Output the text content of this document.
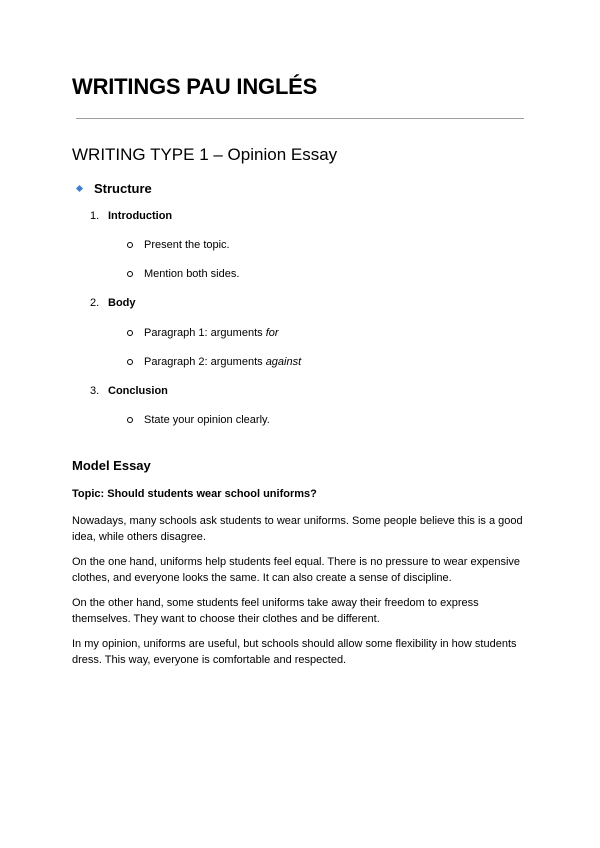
WRITINGS PAU INGLÉS
WRITING TYPE 1 – Opinion Essay
Structure
1. Introduction
Present the topic.
Mention both sides.
2. Body
Paragraph 1: arguments for
Paragraph 2: arguments against
3. Conclusion
State your opinion clearly.
Model Essay
Topic: Should students wear school uniforms?
Nowadays, many schools ask students to wear uniforms. Some people believe this is a good idea, while others disagree.
On the one hand, uniforms help students feel equal. There is no pressure to wear expensive clothes, and everyone looks the same. It can also create a sense of discipline.
On the other hand, some students feel uniforms take away their freedom to express themselves. They want to choose their clothes and be different.
In my opinion, uniforms are useful, but schools should allow some flexibility in how students dress. This way, everyone is comfortable and respected.
